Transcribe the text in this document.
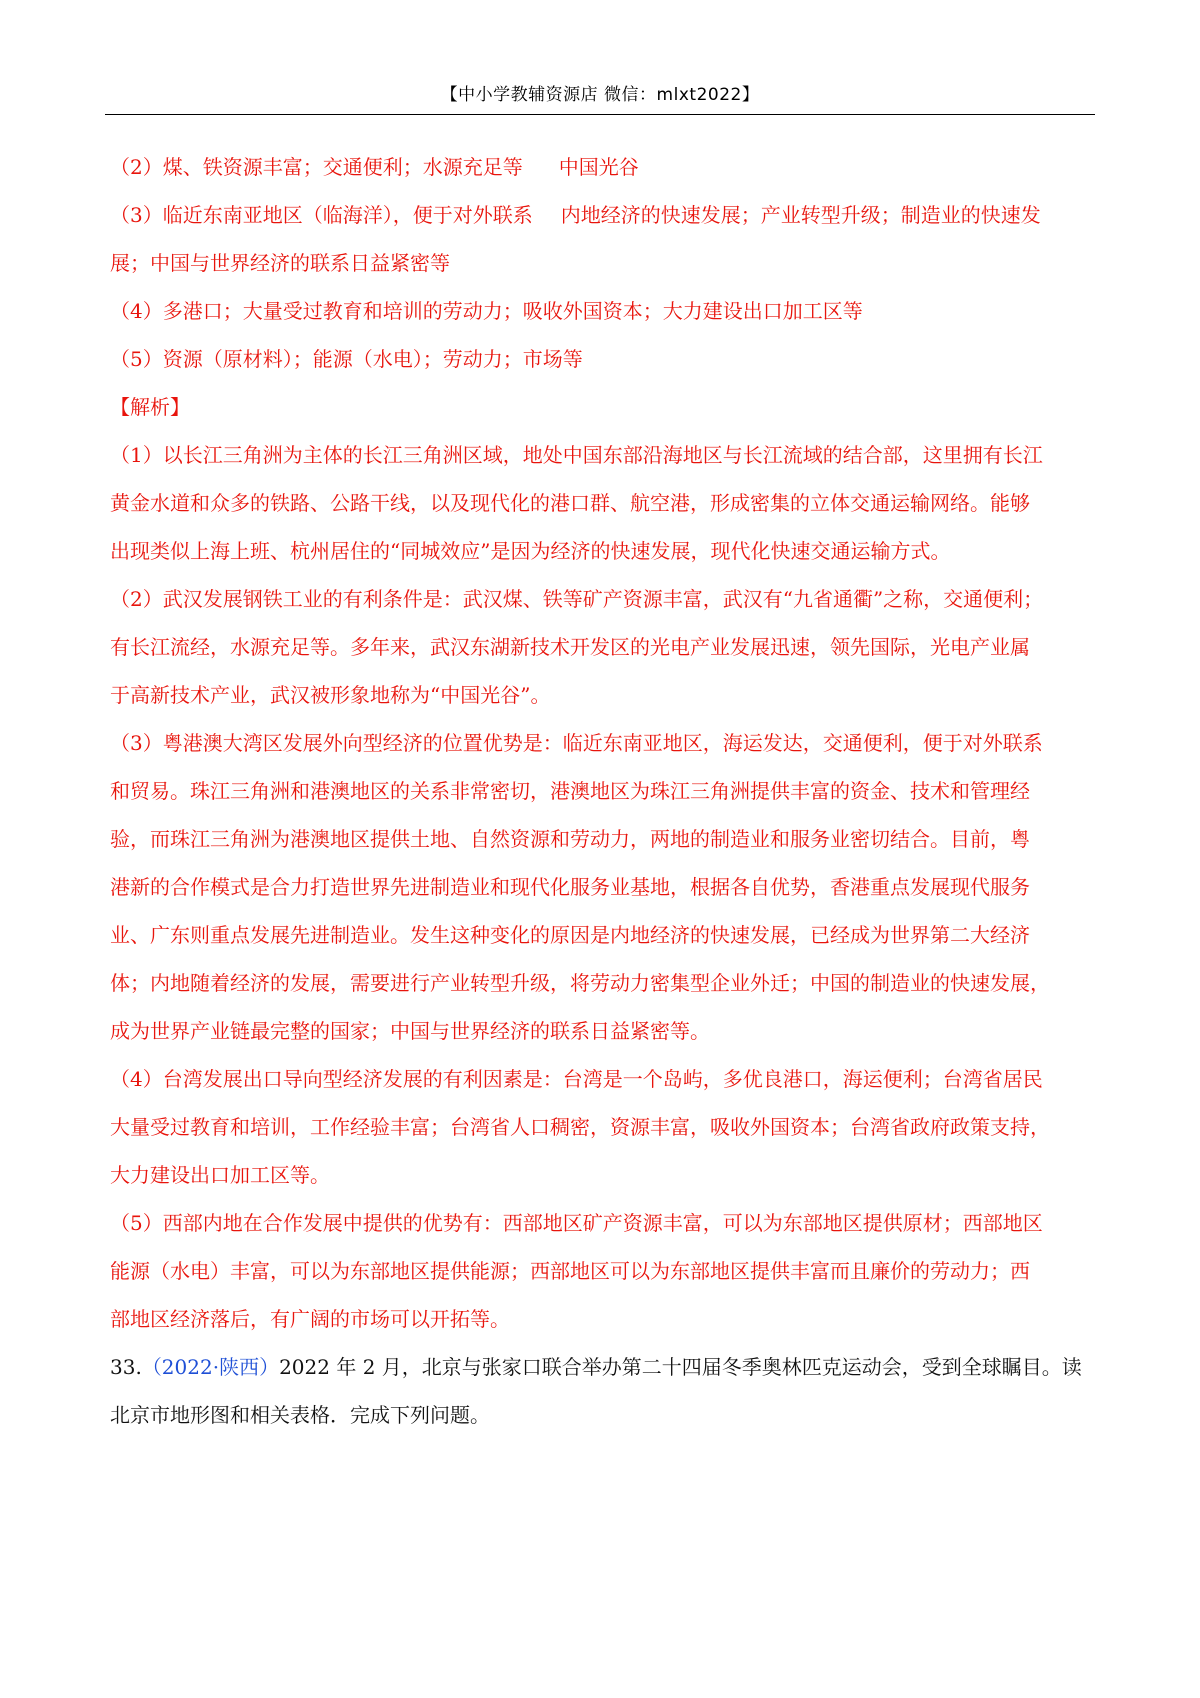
【中小学教辅资源店 微信：mlxt2022】
（2）煤、铁资源丰富；交通便利；水源充足等 中国光谷
（3）临近东南亚地区（临海洋），便于对外联系 内地经济的快速发展；产业转型升级；制造业的快速发
展；中国与世界经济的联系日益紧密等
（4）多港口；大量受过教育和培训的劳动力；吸收外国资本；大力建设出口加工区等
（5）资源（原材料）；能源（水电）；劳动力；市场等
【解析】
（1）以长江三角洲为主体的长江三角洲区域，地处中国东部沿海地区与长江流域的结合部，这里拥有长江
黄金水道和众多的铁路、公路干线，以及现代化的港口群、航空港，形成密集的立体交通运输网络。能够
出现类似上海上班、杭州居住的“同城效应”是因为经济的快速发展，现代化快速交通运输方式。
（2）武汉发展钢铁工业的有利条件是：武汉煤、铁等矿产资源丰富，武汉有“九省通衢”之称，交通便利；
有长江流经，水源充足等。多年来，武汉东湖新技术开发区的光电产业发展迅速，领先国际，光电产业属
于高新技术产业，武汉被形象地称为“中国光谷”。
（3）粤港澳大湾区发展外向型经济的位置优势是：临近东南亚地区，海运发达，交通便利，便于对外联系
和贸易。珠江三角洲和港澳地区的关系非常密切，港澳地区为珠江三角洲提供丰富的资金、技术和管理经
验，而珠江三角洲为港澳地区提供土地、自然资源和劳动力，两地的制造业和服务业密切结合。目前，粤
港新的合作模式是合力打造世界先进制造业和现代化服务业基地，根据各自优势，香港重点发展现代服务
业、广东则重点发展先进制造业。发生这种变化的原因是内地经济的快速发展，已经成为世界第二大经济
体；内地随着经济的发展，需要进行产业转型升级，将劳动力密集型企业外迁；中国的制造业的快速发展，
成为世界产业链最完整的国家；中国与世界经济的联系日益紧密等。
（4）台湾发展出口导向型经济发展的有利因素是：台湾是一个岛屿，多优良港口，海运便利；台湾省居民
大量受过教育和培训，工作经验丰富；台湾省人口稠密，资源丰富，吸收外国资本；台湾省政府政策支持，
大力建设出口加工区等。
（5）西部内地在合作发展中提供的优势有：西部地区矿产资源丰富，可以为东部地区提供原材；西部地区
能源（水电）丰富，可以为东部地区提供能源；西部地区可以为东部地区提供丰富而且廉价的劳动力；西
部地区经济落后，有广阔的市场可以开拓等。
33.（2022·陕西）2022 年 2 月，北京与张家口联合举办第二十四届冬季奥林匹克运动会，受到全球瞩目。读
北京市地形图和相关表格．完成下列问题。
